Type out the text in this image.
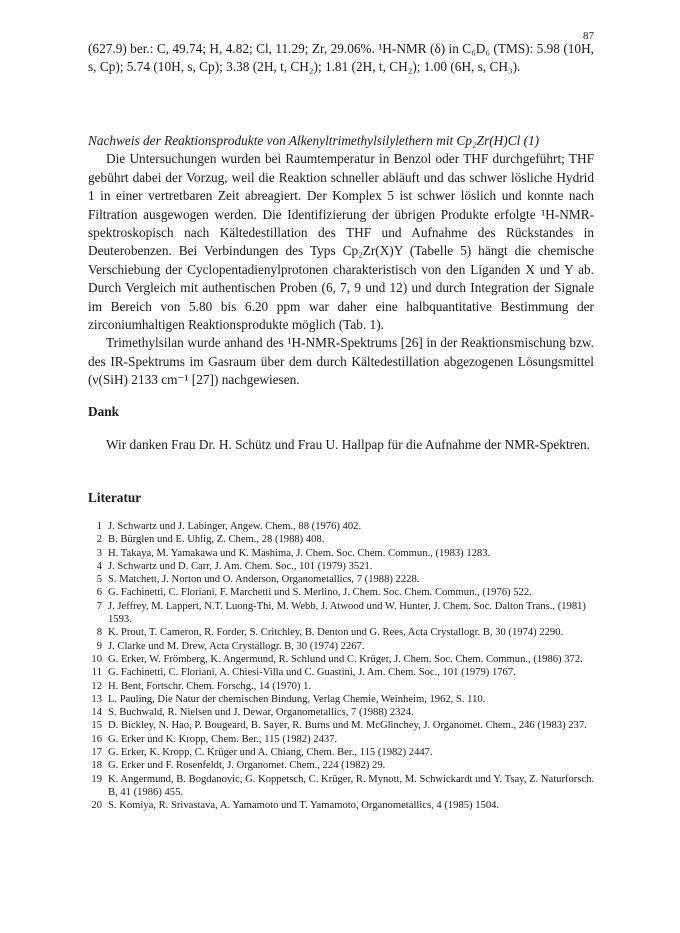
87

(627.9) ber.: C, 49.74; H, 4.82; Cl, 11.29; Zr, 29.06%. ¹H-NMR (δ) in C₆D₆ (TMS): 5.98 (10H, s, Cp); 5.74 (10H, s, Cp); 3.38 (2H, t, CH₂); 1.81 (2H, t, CH₂); 1.00 (6H, s, CH₃).

Nachweis der Reaktionsprodukte von Alkenyltrimethylsilylethern mit Cp₂Zr(H)Cl (1)

Die Untersuchungen wurden bei Raumtemperatur in Benzol oder THF durchgeführt; THF gebührt dabei der Vorzug, weil die Reaktion schneller abläuft und das schwer lösliche Hydrid 1 in einer vertretbaren Zeit abreagiert. Der Komplex 5 ist schwer löslich und konnte nach Filtration ausgewogen werden. Die Identifizierung der übrigen Produkte erfolgte ¹H-NMR-spektroskopisch nach Kältedestillation des THF und Aufnahme des Rückstandes in Deuterobenzen. Bei Verbindungen des Typs Cp₂Zr(X)Y (Tabelle 5) hängt die chemische Verschiebung der Cyclopentadienylprotonen charakteristisch von den Liganden X und Y ab. Durch Vergleich mit authentischen Proben (6, 7, 9 und 12) und durch Integration der Signale im Bereich von 5.80 bis 6.20 ppm war daher eine halbquantitative Bestimmung der zirconiumhaltigen Reaktionsprodukte möglich (Tab. 1).

Trimethylsilan wurde anhand des ¹H-NMR-Spektrums [26] in der Reaktionsmischung bzw. des IR-Spektrums im Gasraum über dem durch Kältedestillation abgezogenen Lösungsmittel (ν(SiH) 2133 cm⁻¹ [27]) nachgewiesen.

Dank

Wir danken Frau Dr. H. Schütz und Frau U. Hallpap für die Aufnahme der NMR-Spektren.

Literatur
1 J. Schwartz und J. Labinger, Angew. Chem., 88 (1976) 402.
2 B. Bürglen und E. Uhlig, Z. Chem., 28 (1988) 408.
3 H. Takaya, M. Yamakawa und K. Mashima, J. Chem. Soc. Chem. Commun., (1983) 1283.
4 J. Schwartz und D. Carr, J. Am. Chem. Soc., 101 (1979) 3521.
5 S. Matchett, J. Norton und O. Anderson, Organometallics, 7 (1988) 2228.
6 G. Fachinetti, C. Floriani, F. Marchetti und S. Merlino, J. Chem. Soc. Chem. Commun., (1976) 522.
7 J. Jeffrey, M. Lappert, N.T. Luong-Thi, M. Webb, J. Atwood und W. Hunter, J. Chem. Soc. Dalton Trans., (1981) 1593.
8 K. Prout, T. Cameron, R. Forder, S. Critchley, B. Denton und G. Rees, Acta Crystallogr. B, 30 (1974) 2290.
9 J. Clarke und M. Drew, Acta Crystallogr. B, 30 (1974) 2267.
10 G. Erker, W. Frömberg, K. Angermund, R. Schlund und C. Krüger, J. Chem. Soc. Chem. Commun., (1986) 372.
11 G. Fachinetti, C. Floriani, A. Chiesi-Villa und C. Guastini, J. Am. Chem. Soc., 101 (1979) 1767.
12 H. Bent, Fortschr. Chem. Forschg., 14 (1970) 1.
13 L. Pauling, Die Natur der chemischen Bindung, Verlag Chemie, Weinheim, 1962, S. 110.
14 S. Buchwald, R. Nielsen und J. Dewar, Organometallics, 7 (1988) 2324.
15 D. Bickley, N. Hao, P. Bougeard, B. Sayer, R. Burns und M. McGlinchey, J. Organomet. Chem., 246 (1983) 237.
16 G. Erker und K. Kropp, Chem. Ber., 115 (1982) 2437.
17 G. Erker, K. Kropp, C. Krüger und A. Chiang, Chem. Ber., 115 (1982) 2447.
18 G. Erker und F. Rosenfeldt, J. Organomet. Chem., 224 (1982) 29.
19 K. Angermund, B. Bogdanovic, G. Koppetsch, C. Krüger, R. Mynott, M. Schwickardt und Y. Tsay, Z. Naturforsch. B, 41 (1986) 455.
20 S. Komiya, R. Srivastava, A. Yamamoto und T. Yamamoto, Organometallics, 4 (1985) 1504.
